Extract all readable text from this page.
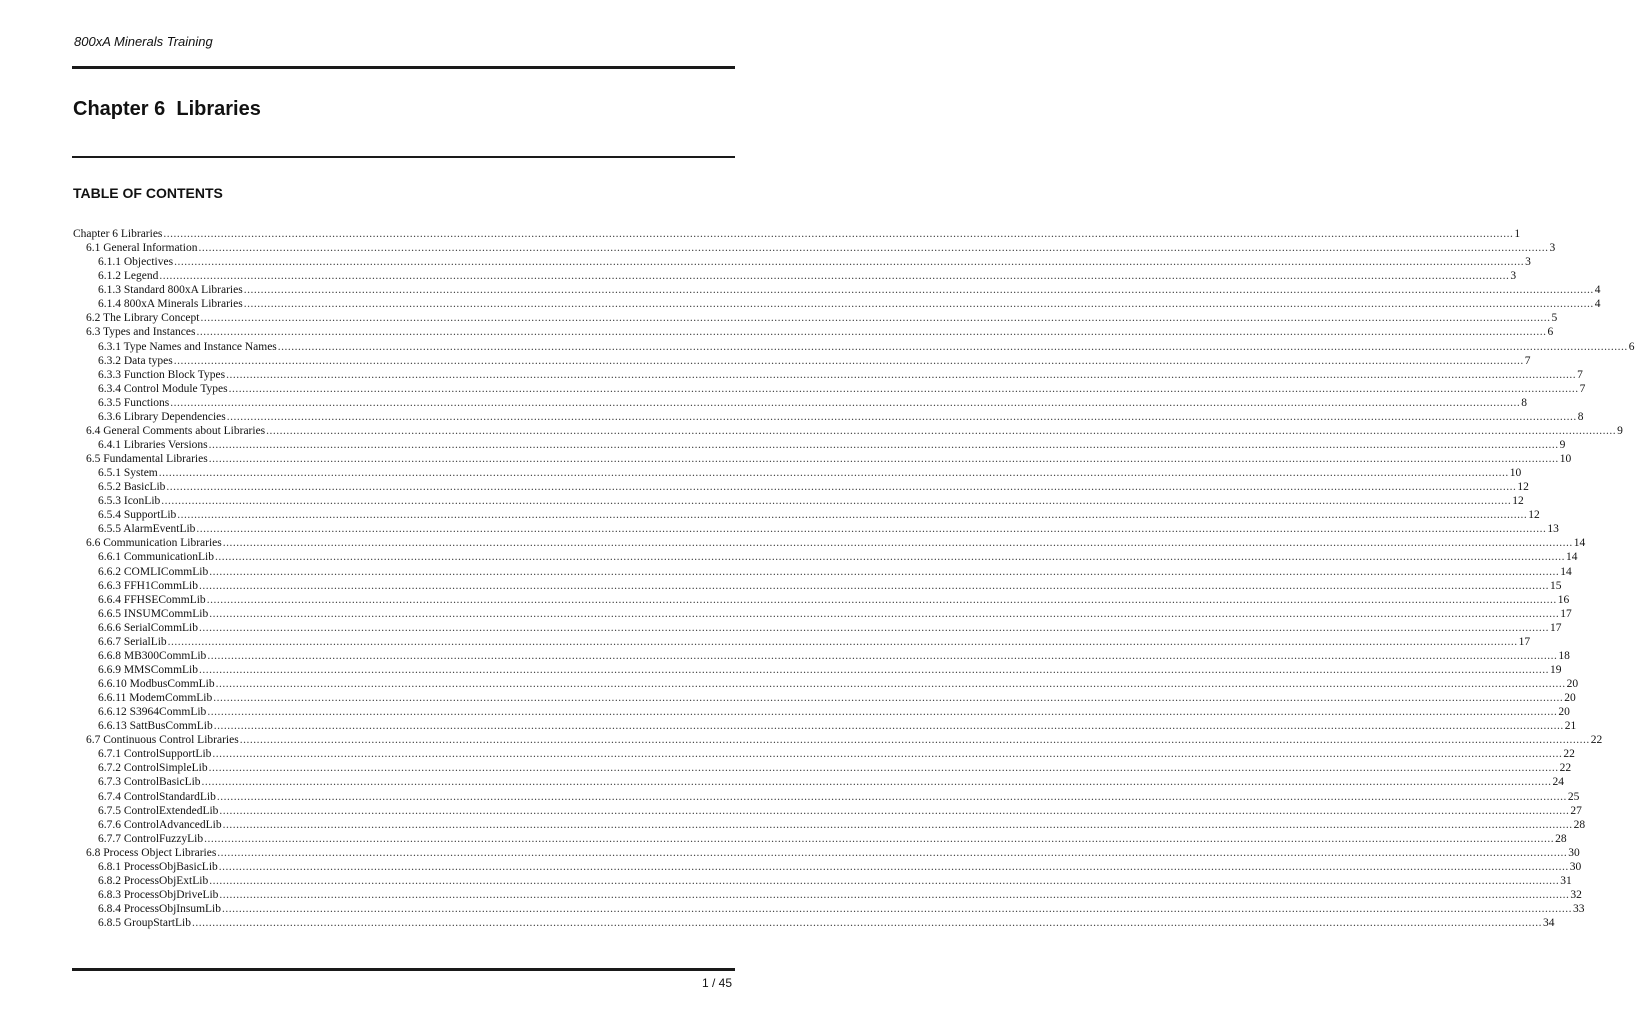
800xA Minerals Training
Chapter 6  Libraries
TABLE OF CONTENTS
Chapter 6 Libraries ................................................................................................................................................................................................................................................................................................................................................................................................................ 1
6.1 General Information ................................................................................................................................................................................................................................................................................................................................................................................................................ 3
6.1.1 Objectives ................................................................................................................................................................................................................................................................................................................................................................................................................ 3
6.1.2 Legend ................................................................................................................................................................................................................................................................................................................................................................................................................ 3
6.1.3 Standard 800xA Libraries ................................................................................................................................................................................................................................................................................................................................................................................................................ 4
6.1.4 800xA Minerals Libraries ................................................................................................................................................................................................................................................................................................................................................................................................................ 4
6.2 The Library Concept ................................................................................................................................................................................................................................................................................................................................................................................................................ 5
6.3 Types and Instances ................................................................................................................................................................................................................................................................................................................................................................................................................ 6
6.3.1 Type Names and Instance Names ................................................................................................................................................................................................................................................................................................................................................................................................................ 6
6.3.2 Data types ................................................................................................................................................................................................................................................................................................................................................................................................................ 7
6.3.3 Function Block Types ................................................................................................................................................................................................................................................................................................................................................................................................................ 7
6.3.4 Control Module Types ................................................................................................................................................................................................................................................................................................................................................................................................................ 7
6.3.5 Functions ................................................................................................................................................................................................................................................................................................................................................................................................................ 8
6.3.6 Library Dependencies ................................................................................................................................................................................................................................................................................................................................................................................................................ 8
6.4 General Comments about Libraries ................................................................................................................................................................................................................................................................................................................................................................................................................ 9
6.4.1 Libraries Versions ................................................................................................................................................................................................................................................................................................................................................................................................................ 9
6.5 Fundamental Libraries ................................................................................................................................................................................................................................................................................................................................................................................................................ 10
6.5.1 System ................................................................................................................................................................................................................................................................................................................................................................................................................ 10
6.5.2 BasicLib ................................................................................................................................................................................................................................................................................................................................................................................................................ 12
6.5.3 IconLib ................................................................................................................................................................................................................................................................................................................................................................................................................ 12
6.5.4 SupportLib ................................................................................................................................................................................................................................................................................................................................................................................................................ 12
6.5.5 AlarmEventLib ................................................................................................................................................................................................................................................................................................................................................................................................................ 13
6.6 Communication Libraries ................................................................................................................................................................................................................................................................................................................................................................................................................ 14
6.6.1 CommunicationLib ................................................................................................................................................................................................................................................................................................................................................................................................................ 14
6.6.2 COMLICommLib ................................................................................................................................................................................................................................................................................................................................................................................................................ 14
6.6.3 FFH1CommLib ................................................................................................................................................................................................................................................................................................................................................................................................................ 15
6.6.4 FFHSECommLib ................................................................................................................................................................................................................................................................................................................................................................................................................ 16
6.6.5 INSUMCommLib ................................................................................................................................................................................................................................................................................................................................................................................................................ 17
6.6.6 SerialCommLib ................................................................................................................................................................................................................................................................................................................................................................................................................ 17
6.6.7 SerialLib ................................................................................................................................................................................................................................................................................................................................................................................................................ 17
6.6.8 MB300CommLib ................................................................................................................................................................................................................................................................................................................................................................................................................ 18
6.6.9 MMSCommLib ................................................................................................................................................................................................................................................................................................................................................................................................................ 19
6.6.10 ModbusCommLib ................................................................................................................................................................................................................................................................................................................................................................................................................ 20
6.6.11 ModemCommLib ................................................................................................................................................................................................................................................................................................................................................................................................................ 20
6.6.12 S3964CommLib ................................................................................................................................................................................................................................................................................................................................................................................................................ 20
6.6.13 SattBusCommLib ................................................................................................................................................................................................................................................................................................................................................................................................................ 21
6.7 Continuous Control Libraries ................................................................................................................................................................................................................................................................................................................................................................................................................ 22
6.7.1 ControlSupportLib ................................................................................................................................................................................................................................................................................................................................................................................................................ 22
6.7.2 ControlSimpleLib ................................................................................................................................................................................................................................................................................................................................................................................................................ 22
6.7.3 ControlBasicLib ................................................................................................................................................................................................................................................................................................................................................................................................................ 24
6.7.4 ControlStandardLib ................................................................................................................................................................................................................................................................................................................................................................................................................ 25
6.7.5 ControlExtendedLib ................................................................................................................................................................................................................................................................................................................................................................................................................ 27
6.7.6 ControlAdvancedLib ................................................................................................................................................................................................................................................................................................................................................................................................................ 28
6.7.7 ControlFuzzyLib ................................................................................................................................................................................................................................................................................................................................................................................................................ 28
6.8 Process Object Libraries ................................................................................................................................................................................................................................................................................................................................................................................................................ 30
6.8.1 ProcessObjBasicLib ................................................................................................................................................................................................................................................................................................................................................................................................................ 30
6.8.2 ProcessObjExtLib ................................................................................................................................................................................................................................................................................................................................................................................................................ 31
6.8.3 ProcessObjDriveLib ................................................................................................................................................................................................................................................................................................................................................................................................................ 32
6.8.4 ProcessObjInsumLib ................................................................................................................................................................................................................................................................................................................................................................................................................ 33
6.8.5 GroupStartLib ................................................................................................................................................................................................................................................................................................................................................................................................................ 34
1 / 45
